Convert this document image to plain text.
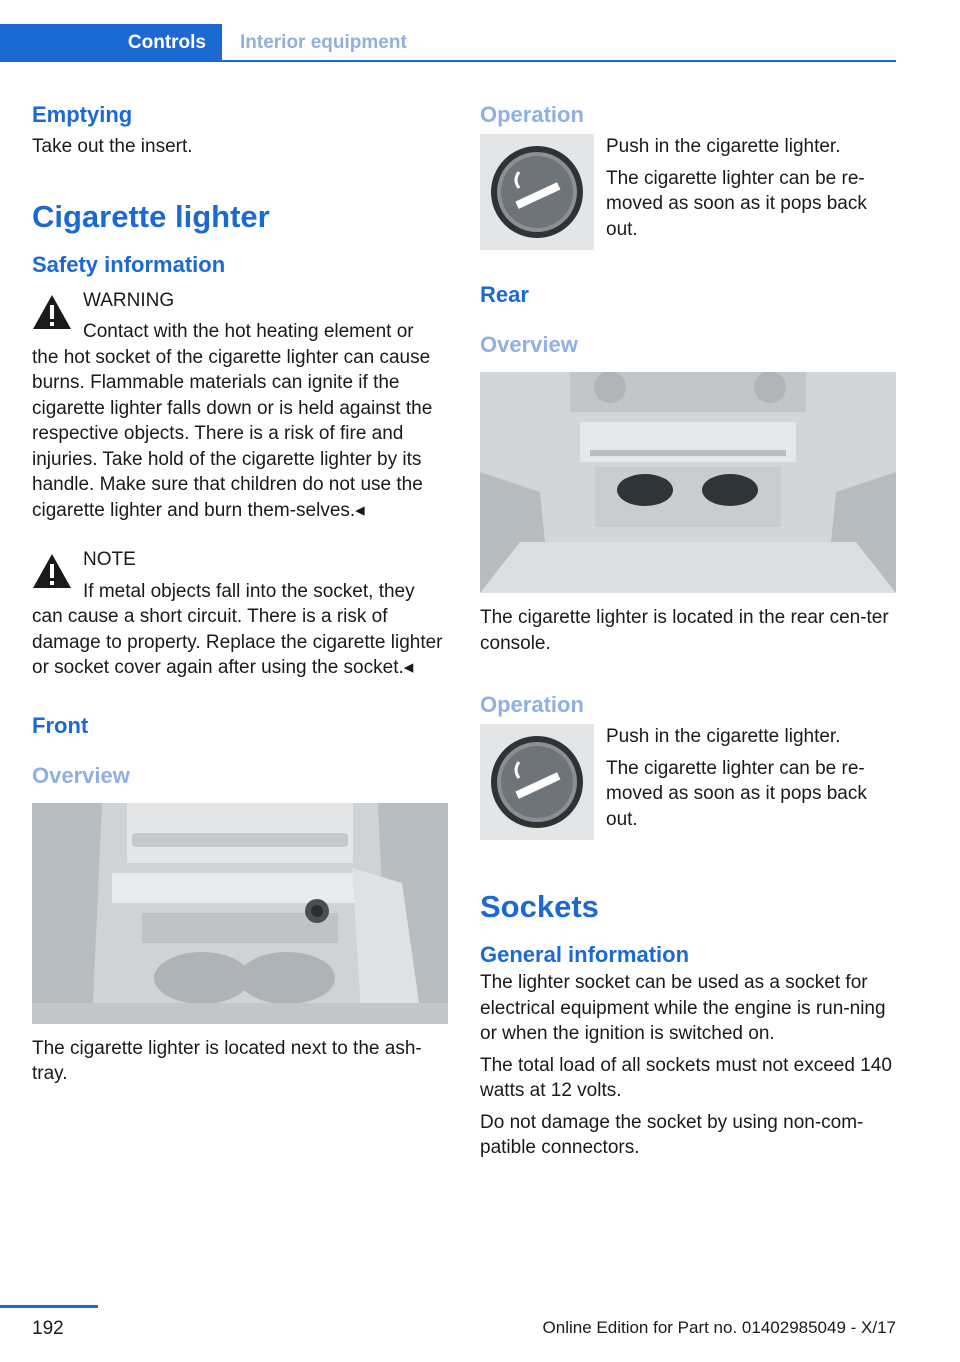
Controls Interior equipment
Emptying

Take out the insert.

Cigarette lighter
Safety information
WARNING
Contact with the hot heating element or
the hot socket of the cigarette lighter can cause burns. Flammable materials can ignite if the cigarette lighter falls down or is held against the respective objects. There is a risk of fire and injuries. Take hold of the cigarette lighter by its handle. Make sure that children do not use the cigarette lighter and burn them-selves.◂
NOTE
If metal objects fall into the socket, they
can cause a short circuit. There is a risk of damage to property. Replace the cigarette lighter or socket cover again after using the socket.◂
Front
Overview

The cigarette lighter is located next to the ash-tray.

Operation

Push in the cigarette lighter.

The cigarette lighter can be re-moved as soon as it pops back out.

Rear
Overview

The cigarette lighter is located in the rear cen-ter console.

Operation

Push in the cigarette lighter.

The cigarette lighter can be re-moved as soon as it pops back out.

Sockets
General information

The lighter socket can be used as a socket for electrical equipment while the engine is run-ning or when the ignition is switched on.

The total load of all sockets must not exceed 140 watts at 12 volts.

Do not damage the socket by using non-com-patible connectors.

192	Online Edition for Part no. 01402985049 - X/17
